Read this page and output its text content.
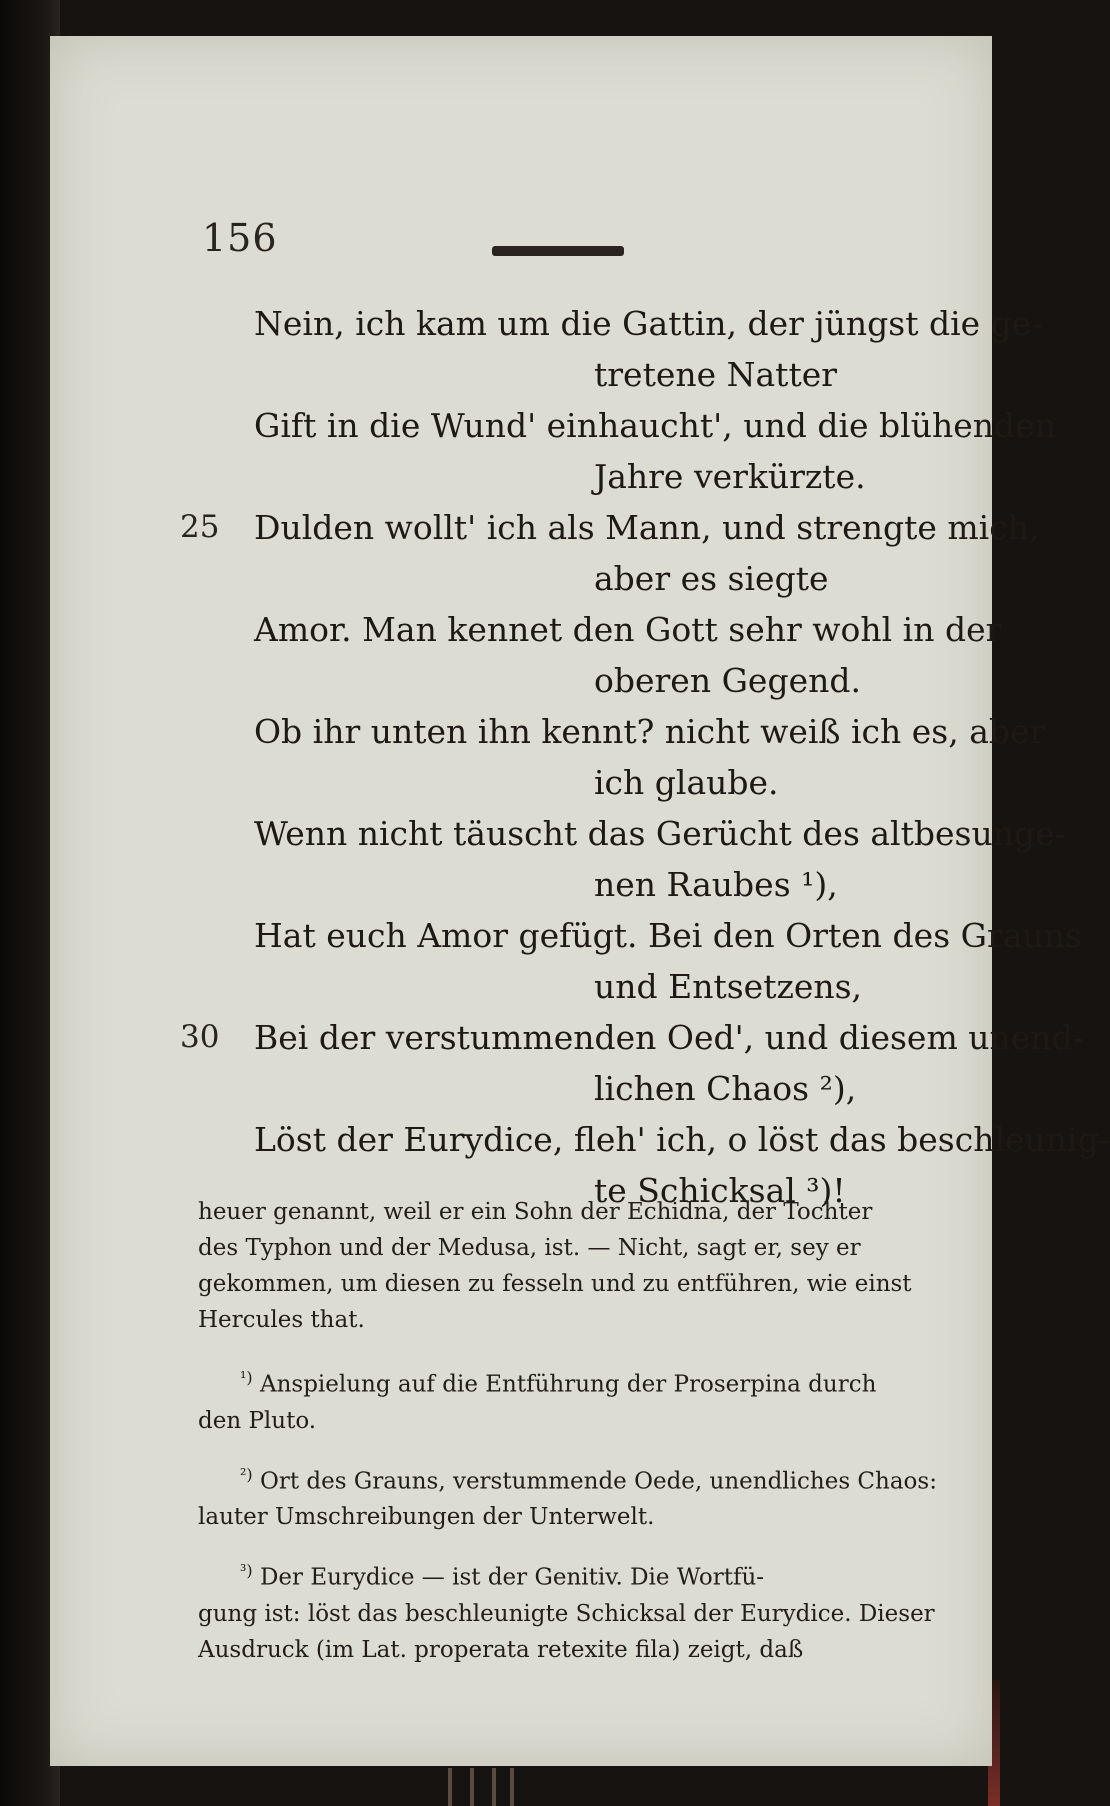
156
Nein, ich kam um die Gattin, der jüngst die ge-
tretene Natter
Gift in die Wund' einhaucht', und die blühenden
Jahre verkürzte.
25 Dulden wollt' ich als Mann, und strengte mich,
aber es siegte
Amor. Man kennet den Gott sehr wohl in der
oberen Gegend.
Ob ihr unten ihn kennt? nicht weiß ich es, aber
ich glaube.
Wenn nicht täuscht das Gerücht des altbesunge-
nen Raubes ¹),
Hat euch Amor gefügt. Bei den Orten des Grauns
und Entsetzens,
30 Bei der verstummenden Oed', und diesem unend-
lichen Chaos ²),
Löst der Eurydice, fleh' ich, o löst das beschleunig-
te Schicksal ³)!
heuer genannt, weil er ein Sohn der Echidna, der Tochter
des Typhon und der Medusa, ist. — Nicht, sagt er, sey er
gekommen, um diesen zu fesseln und zu entführen, wie einst
Hercules that.
$^{^1)}$ Anspielung auf die Entführung der Proserpina durch
den Pluto.
$^{^2)}$ Ort des Grauns, verstummende Oede, unendliches Chaos:
lauter Umschreibungen der Unterwelt.
$^{^3)}$ Der Eurydice — ist der Genitiv. Die Wortfü-
gung ist: löst das beschleunigte Schicksal der Eurydice. Dieser
Ausdruck (im Lat. properata retexite fila) zeigt, daß
